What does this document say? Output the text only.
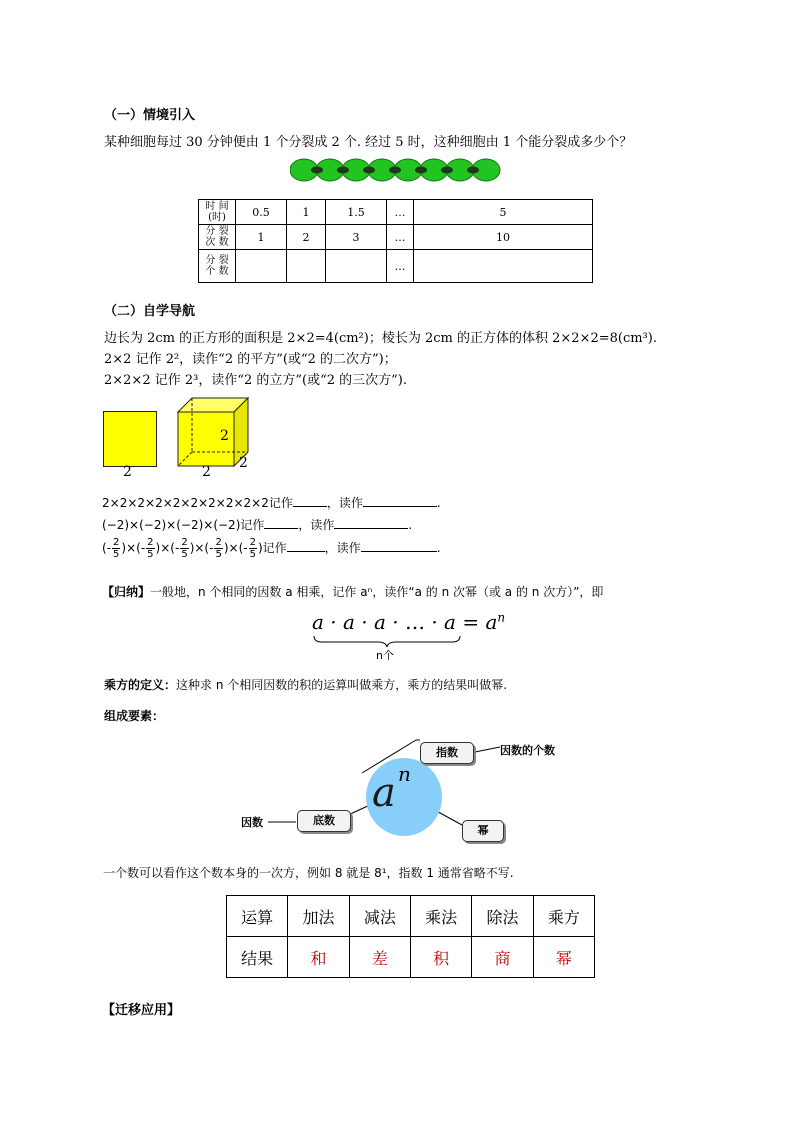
（一）情境引入
某种细胞每过 30 分钟便由 1 个分裂成 2 个. 经过 5 时，这种细胞由 1 个能分裂成多少个？
时 间
(时)	0.5	1	1.5	…	5
分 裂
次 数	1	2	3	…	10
分 裂
个 数				…	
（二）自学导航
边长为 2cm 的正方形的面积是 2×2=4(cm²)；棱长为 2cm 的正方体的体积 2×2×2=8(cm³).
2×2 记作 2²，读作“2 的平方”(或“2 的二次方”)；
2×2×2 记作 2³，读作“2 的立方”(或“2 的三次方”).
2
2
2
2
2×2×2×2×2×2×2×2×2×2记作	，读作	.
(−2)×(−2)×(−2)×(−2)记作	，读作	.
(- $\frac{2}{5}$ )×(- $\frac{2}{5}$ )×(- $\frac{2}{5}$ )×(- $\frac{2}{5}$ )×(- $\frac{2}{5}$ )记作	，读作	.
【归纳】一般地，n 个相同的因数 a 相乘，记作 aⁿ，读作“a 的 n 次幂（或 a 的 n 次方）”，即
a · a · a · … · $a = a^n$
n个
乘方的定义：这种求 n 个相同因数的积的运算叫做乘方，乘方的结果叫做幂.
组成要素：
a n
指数	因数的个数
底数
因数
幂
一个数可以看作这个数本身的一次方，例如 8 就是 8¹，指数 1 通常省略不写.
运算	加法	减法	乘法	除法	乘方
结果	和	差	积	商	幂
【迁移应用】
